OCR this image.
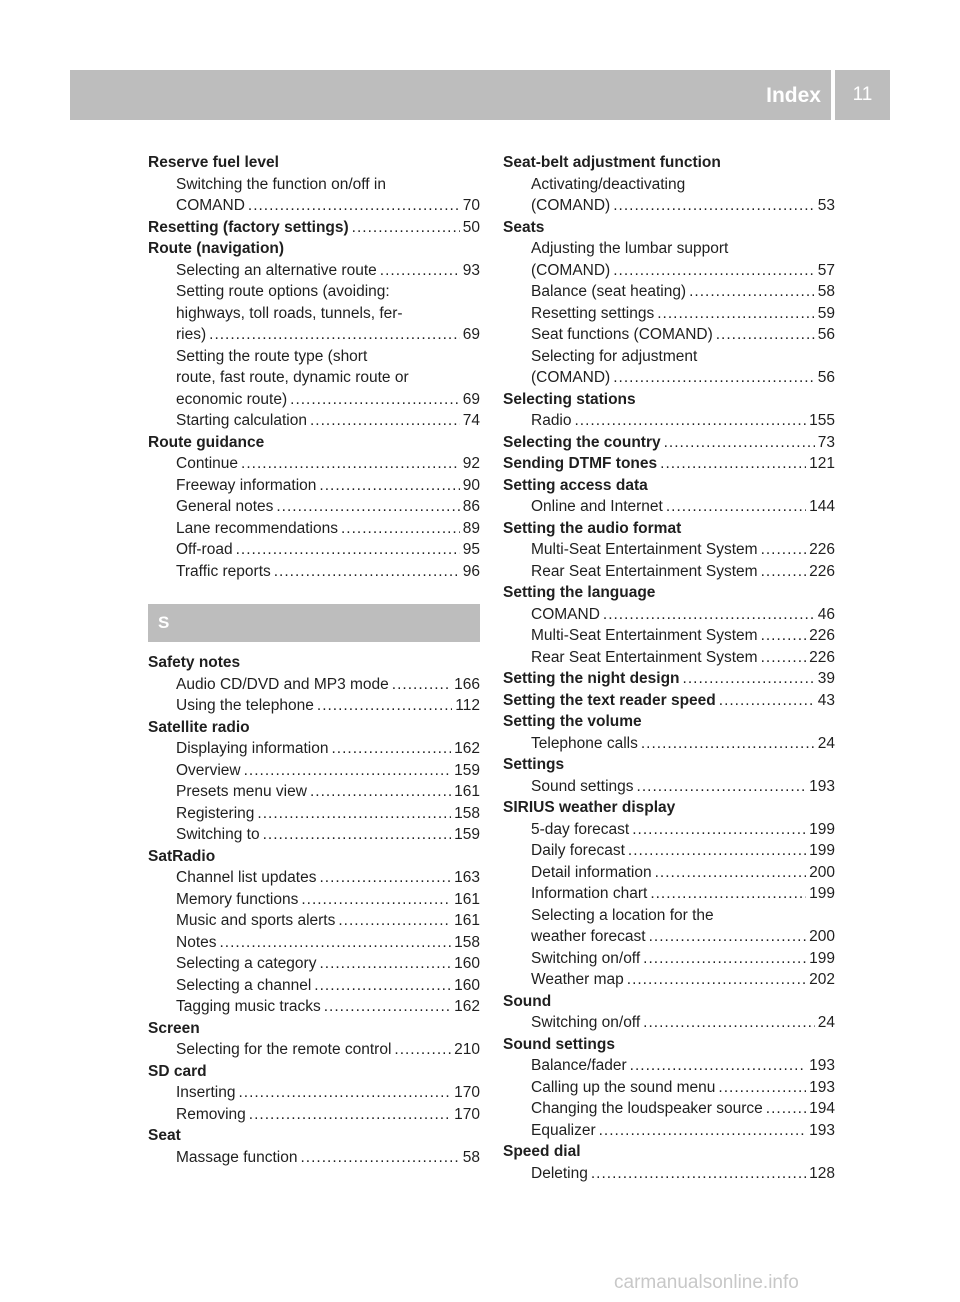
Index	11
Reserve fuel level
Switching the function on/off in
COMAND .....	70
Resetting (factory settings) .....	50
Route (navigation)
Selecting an alternative route .....	93
Setting route options (avoiding:
highways, toll roads, tunnels, fer-
ries) .....	69
Setting the route type (short
route, fast route, dynamic route or
economic route) .....	69
Starting calculation .....	74
Route guidance
Continue .....	92
Freeway information .....	90
General notes .....	86
Lane recommendations .....	89
Off-road .....	95
Traffic reports .....	96
S
Safety notes
Audio CD/DVD and MP3 mode .....	166
Using the telephone .....	112
Satellite radio
Displaying information .....	162
Overview .....	159
Presets menu view .....	161
Registering .....	158
Switching to .....	159
SatRadio
Channel list updates .....	163
Memory functions .....	161
Music and sports alerts .....	161
Notes .....	158
Selecting a category .....	160
Selecting a channel .....	160
Tagging music tracks .....	162
Screen
Selecting for the remote control .....	210
SD card
Inserting .....	170
Removing .....	170
Seat
Massage function .....	58
Seat-belt adjustment function
Activating/deactivating
(COMAND) .....	53
Seats
Adjusting the lumbar support
(COMAND) .....	57
Balance (seat heating) .....	58
Resetting settings .....	59
Seat functions (COMAND) .....	56
Selecting for adjustment
(COMAND) .....	56
Selecting stations
Radio .....	155
Selecting the country .....	73
Sending DTMF tones .....	121
Setting access data
Online and Internet .....	144
Setting the audio format
Multi-Seat Entertainment System .....	226
Rear Seat Entertainment System .....	226
Setting the language
COMAND .....	46
Multi-Seat Entertainment System .....	226
Rear Seat Entertainment System .....	226
Setting the night design .....	39
Setting the text reader speed .....	43
Setting the volume
Telephone calls .....	24
Settings
Sound settings .....	193
SIRIUS weather display
5-day forecast .....	199
Daily forecast .....	199
Detail information .....	200
Information chart .....	199
Selecting a location for the
weather forecast .....	200
Switching on/off .....	199
Weather map .....	202
Sound
Switching on/off .....	24
Sound settings
Balance/fader .....	193
Calling up the sound menu .....	193
Changing the loudspeaker source .....	194
Equalizer .....	193
Speed dial
Deleting .....	128
carmanualsonline.info
